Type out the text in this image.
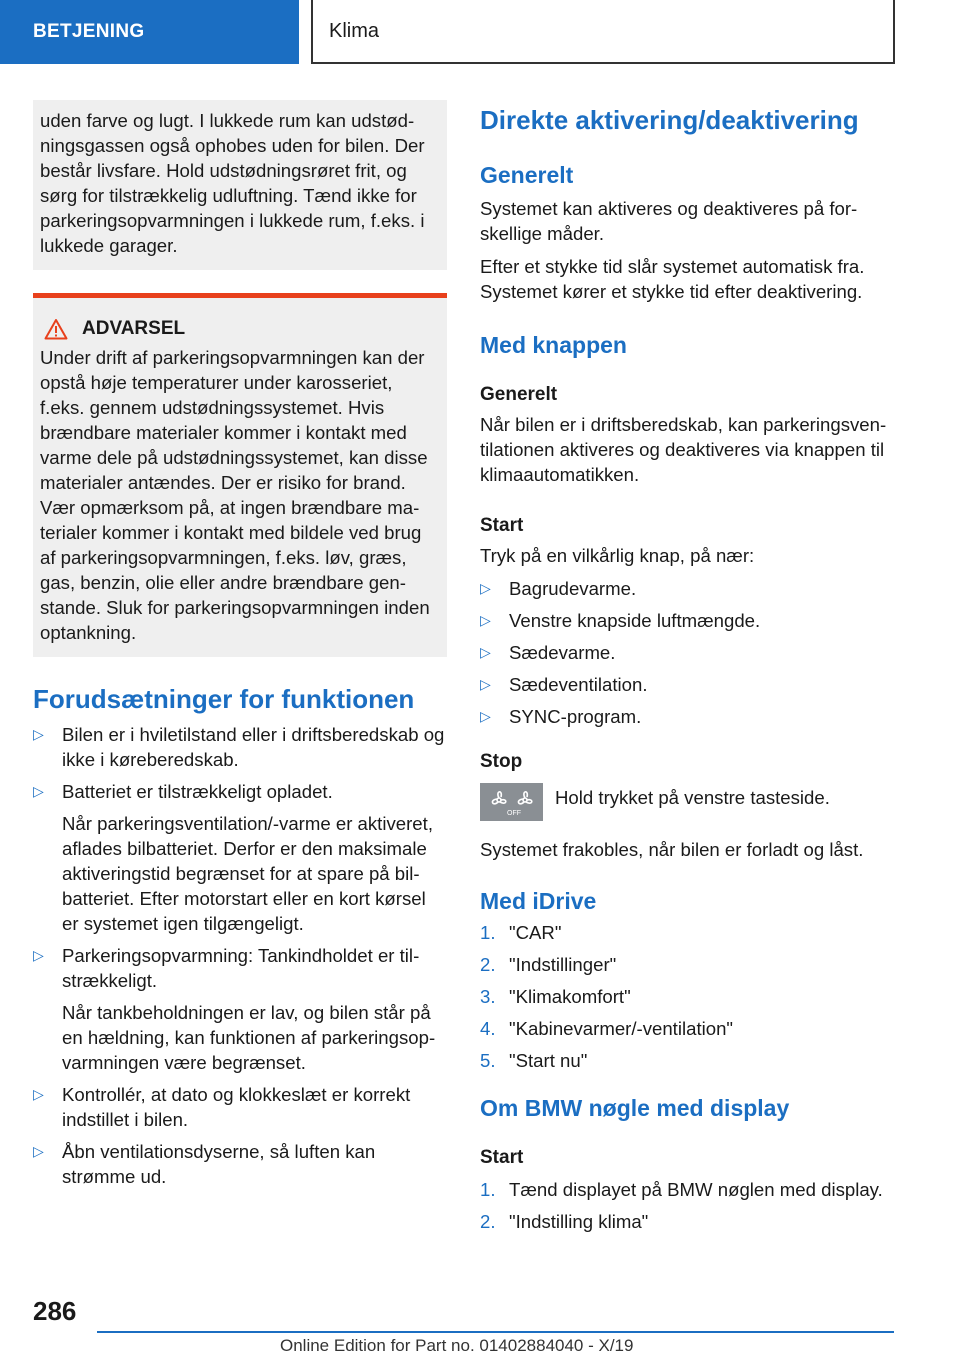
BETJENING	Klima
uden farve og lugt. I lukkede rum kan udstødningsgassen også ophobes uden for bilen. Der består livsfare. Hold udstødningsrøret frit, og sørg for tilstrækkelig udluftning. Tænd ikke for parkeringsopvarmningen i lukkede rum, f.eks. i lukkede garager.
ADVARSEL

Under drift af parkeringsopvarmningen kan der opstå høje temperaturer under karosseriet, f.eks. gennem udstødningssystemet. Hvis brændbare materialer kommer i kontakt med varme dele på udstødningssystemet, kan disse materialer antændes. Der er risiko for brand. Vær opmærksom på, at ingen brændbare materialer kommer i kontakt med bildele ved brug af parkeringsopvarmningen, f.eks. løv, græs, gas, benzin, olie eller andre brændbare genstande. Sluk for parkeringsopvarmningen inden optankning.

Forudsætninger for funktionen
▷ Bilen er i hviletilstand eller i driftsberedskab og ikke i køreberedskab.
▷ Batteriet er tilstrækkeligt opladet.

Når parkeringsventilation/-varme er aktiveret, aflades bilbatteriet. Derfor er den maksimale aktiveringstid begrænset for at spare på bilbatteriet. Efter motorstart eller en kort kørsel er systemet igen tilgængeligt.

▷ Parkeringsopvarmning: Tankindholdet er tilstrækkeligt.

Når tankbeholdningen er lav, og bilen står på en hældning, kan funktionen af parkeringsopvarmningen være begrænset.

▷ Kontrollér, at dato og klokkeslæt er korrekt indstillet i bilen.
▷ Åbn ventilationsdyserne, så luften kan strømme ud.
Direkte aktivering/deaktivering
Generelt

Systemet kan aktiveres og deaktiveres på forskellige måder.

Efter et stykke tid slår systemet automatisk fra. Systemet kører et stykke tid efter deaktivering.

Med knappen
Generelt

Når bilen er i driftsberedskab, kan parkeringsventilationen aktiveres og deaktiveres via knappen til klimaautomatikken.

Start

Tryk på en vilkårlig knap, på nær:

▷ Bagrudevarme.
▷ Venstre knapside luftmængde.
▷ Sædevarme.
▷ Sædeventilation.
▷ SYNC-program.
Stop
OFF

Hold trykket på venstre tasteside.

Systemet frakobles, når bilen er forladt og låst.

Med iDrive
1. "CAR"
2. "Indstillinger"
3. "Klimakomfort"
4. "Kabinevarmer/-ventilation"
5. "Start nu"
Om BMW nøgle med display
Start
1. Tænd displayet på BMW nøglen med display.
2. "Indstilling klima"
286
Online Edition for Part no. 01402884040 - X/19
